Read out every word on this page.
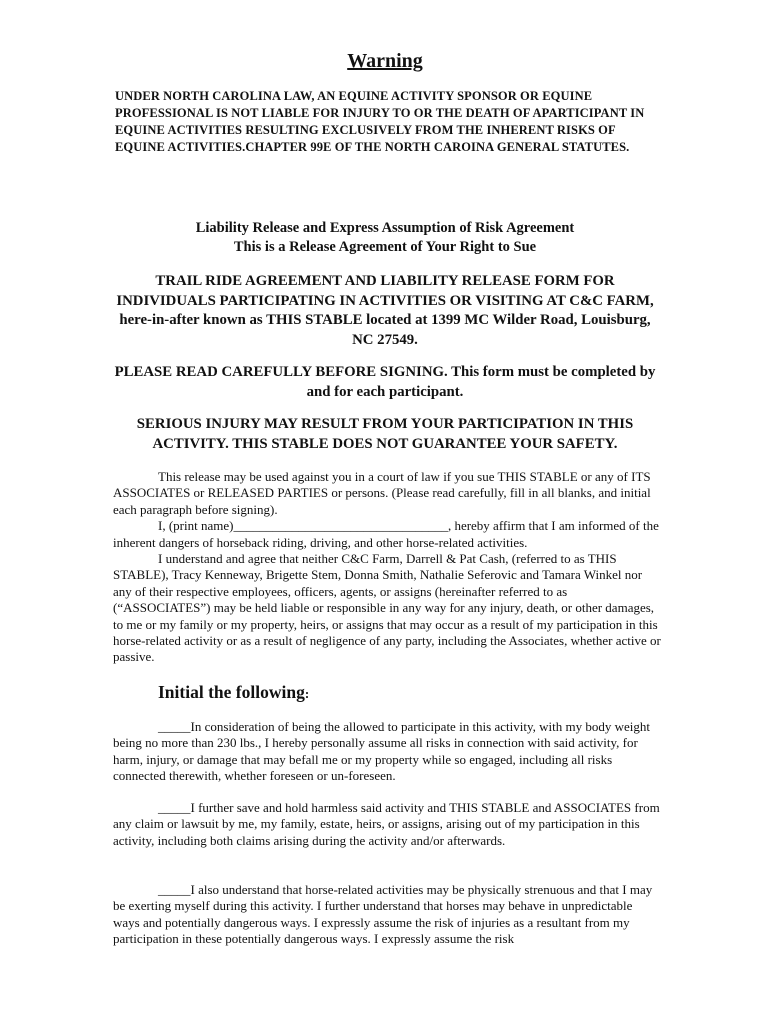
Warning
UNDER NORTH CAROLINA LAW, AN EQUINE ACTIVITY SPONSOR OR EQUINE PROFESSIONAL IS NOT LIABLE FOR INJURY TO OR THE DEATH OF APARTICIPANT IN EQUINE ACTIVITIES RESULTING EXCLUSIVELY FROM THE INHERENT RISKS OF EQUINE ACTIVITIES.CHAPTER 99E OF THE NORTH CAROINA GENERAL STATUTES.
Liability Release and Express Assumption of Risk Agreement
This is a Release Agreement of Your Right to Sue
TRAIL RIDE AGREEMENT AND LIABILITY RELEASE FORM FOR INDIVIDUALS PARTICIPATING IN ACTIVITIES OR VISITING AT C&C FARM, here-in-after known as THIS STABLE located at 1399 MC Wilder Road, Louisburg, NC 27549.
PLEASE READ CAREFULLY BEFORE SIGNING. This form must be completed by and for each participant.
SERIOUS INJURY MAY RESULT FROM YOUR PARTICIPATION IN THIS ACTIVITY. THIS STABLE DOES NOT GUARANTEE YOUR SAFETY.

This release may be used against you in a court of law if you sue THIS STABLE or any of ITS ASSOCIATES or RELEASED PARTIES or persons. (Please read carefully, fill in all blanks, and initial each paragraph before signing).

I, (print name)_________________________________, hereby affirm that I am informed of the inherent dangers of horseback riding, driving, and other horse-related activities.

I understand and agree that neither C&C Farm, Darrell & Pat Cash, (referred to as THIS STABLE), Tracy Kenneway, Brigette Stem, Donna Smith, Nathalie Seferovic and Tamara Winkel nor any of their respective employees, officers, agents, or assigns (hereinafter referred to as (“ASSOCIATES”) may be held liable or responsible in any way for any injury, death, or other damages, to me or my family or my property, heirs, or assigns that may occur as a result of my participation in this horse-related activity or as a result of negligence of any party, including the Associates, whether active or passive.

Initial the following:

_____In consideration of being the allowed to participate in this activity, with my body weight being no more than 230 lbs., I hereby personally assume all risks in connection with said activity, for harm, injury, or damage that may befall me or my property while so engaged, including all risks connected therewith, whether foreseen or un-foreseen.

_____I further save and hold harmless said activity and THIS STABLE and ASSOCIATES from any claim or lawsuit by me, my family, estate, heirs, or assigns, arising out of my participation in this activity, including both claims arising during the activity and/or afterwards.

_____I also understand that horse-related activities may be physically strenuous and that I may be exerting myself during this activity. I further understand that horses may behave in unpredictable ways and potentially dangerous ways. I expressly assume the risk of injuries as a resultant from my participation in these potentially dangerous ways. I expressly assume the risk
